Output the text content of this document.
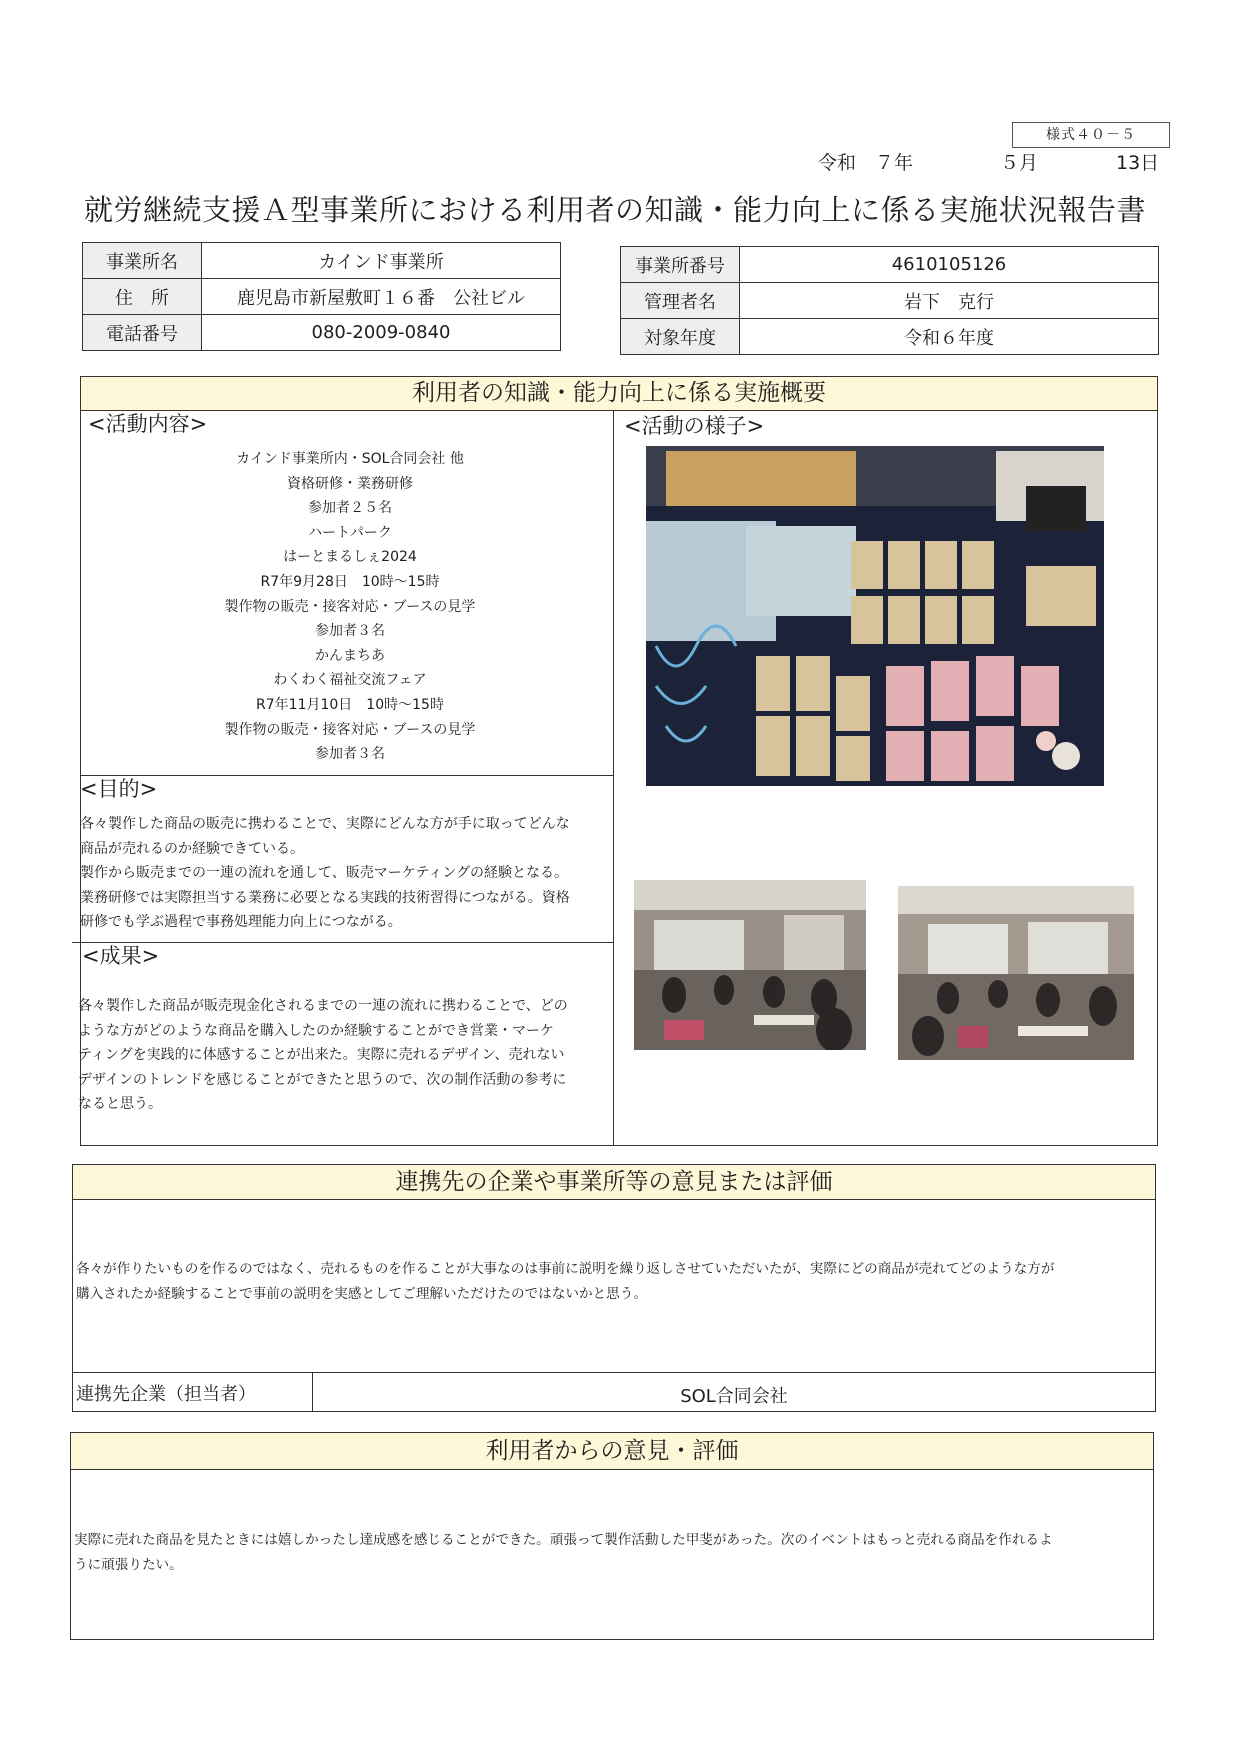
様式４０－５
令和　７年	５月	13日
就労継続支援Ａ型事業所における利用者の知識・能力向上に係る実施状況報告書
事業所名	カインド事業所
住　所	鹿児島市新屋敷町１６番　公社ビル
電話番号	080-2009-0840
事業所番号	4610105126
管理者名	岩下　克行
対象年度	令和６年度
利用者の知識・能力向上に係る実施概要
<活動内容>
カインド事業所内・SOL合同会社 他
資格研修・業務研修
参加者２５名
ハートパーク
はーとまるしぇ2024
R7年9月28日　10時～15時
製作物の販売・接客対応・ブースの見学
参加者３名
かんまちあ
わくわく福祉交流フェア
R7年11月10日　10時～15時
製作物の販売・接客対応・ブースの見学
参加者３名
<目的>
各々製作した商品の販売に携わることで、実際にどんな方が手に取ってどんな
商品が売れるのか経験できている。
製作から販売までの一連の流れを通して、販売マーケティングの経験となる。
業務研修では実際担当する業務に必要となる実践的技術習得につながる。資格
研修でも学ぶ過程で事務処理能力向上につながる。
<成果>
各々製作した商品が販売現金化されるまでの一連の流れに携わることで、どの
ような方がどのような商品を購入したのか経験することができ営業・マーケ
ティングを実践的に体感することが出来た。実際に売れるデザイン、売れない
デザインのトレンドを感じることができたと思うので、次の制作活動の参考に
なると思う。
<活動の様子>
連携先の企業や事業所等の意見または評価
各々が作りたいものを作るのではなく、売れるものを作ることが大事なのは事前に説明を繰り返しさせていただいたが、実際にどの商品が売れてどのような方が
購入されたか経験することで事前の説明を実感としてご理解いただけたのではないかと思う。
連携先企業（担当者）	SOL合同会社
利用者からの意見・評価
実際に売れた商品を見たときには嬉しかったし達成感を感じることができた。頑張って製作活動した甲斐があった。次のイベントはもっと売れる商品を作れるよ
うに頑張りたい。
